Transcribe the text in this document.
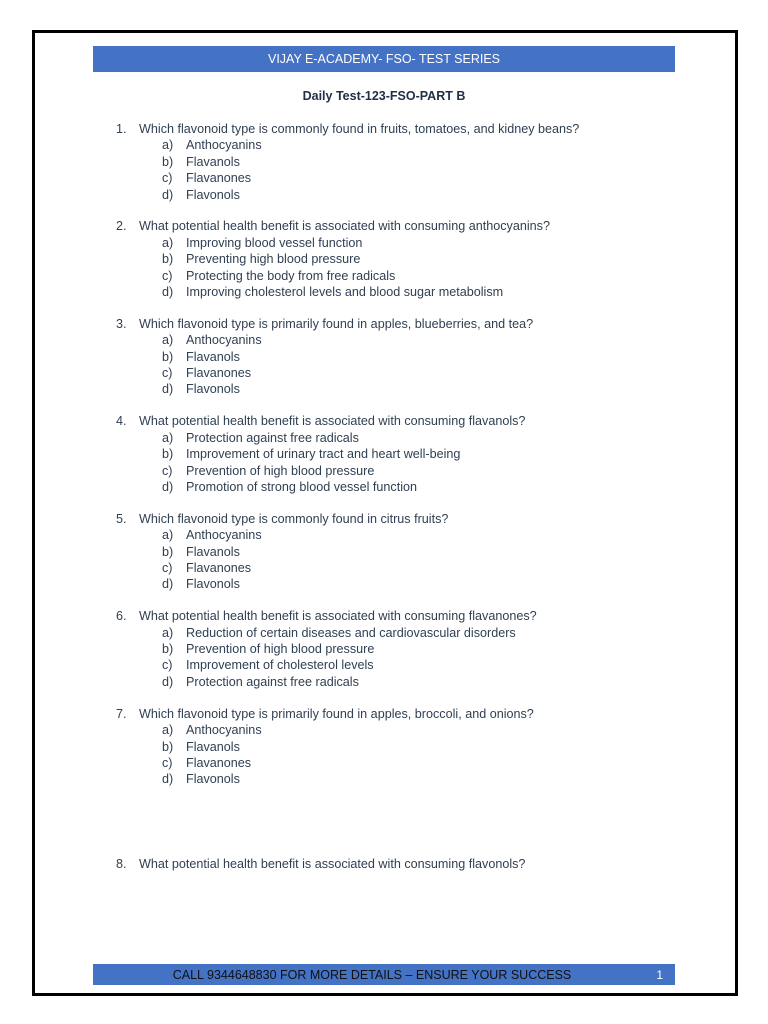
VIJAY E-ACADEMY- FSO- TEST SERIES
Daily Test-123-FSO-PART B
1. Which flavonoid type is commonly found in fruits, tomatoes, and kidney beans?
a) Anthocyanins
b) Flavanols
c) Flavanones
d) Flavonols
2. What potential health benefit is associated with consuming anthocyanins?
a) Improving blood vessel function
b) Preventing high blood pressure
c) Protecting the body from free radicals
d) Improving cholesterol levels and blood sugar metabolism
3. Which flavonoid type is primarily found in apples, blueberries, and tea?
a) Anthocyanins
b) Flavanols
c) Flavanones
d) Flavonols
4. What potential health benefit is associated with consuming flavanols?
a) Protection against free radicals
b) Improvement of urinary tract and heart well-being
c) Prevention of high blood pressure
d) Promotion of strong blood vessel function
5. Which flavonoid type is commonly found in citrus fruits?
a) Anthocyanins
b) Flavanols
c) Flavanones
d) Flavonols
6. What potential health benefit is associated with consuming flavanones?
a) Reduction of certain diseases and cardiovascular disorders
b) Prevention of high blood pressure
c) Improvement of cholesterol levels
d) Protection against free radicals
7. Which flavonoid type is primarily found in apples, broccoli, and onions?
a) Anthocyanins
b) Flavanols
c) Flavanones
d) Flavonols
8. What potential health benefit is associated with consuming flavonols?
CALL 9344648830 FOR MORE DETAILS – ENSURE YOUR SUCCESS	1
